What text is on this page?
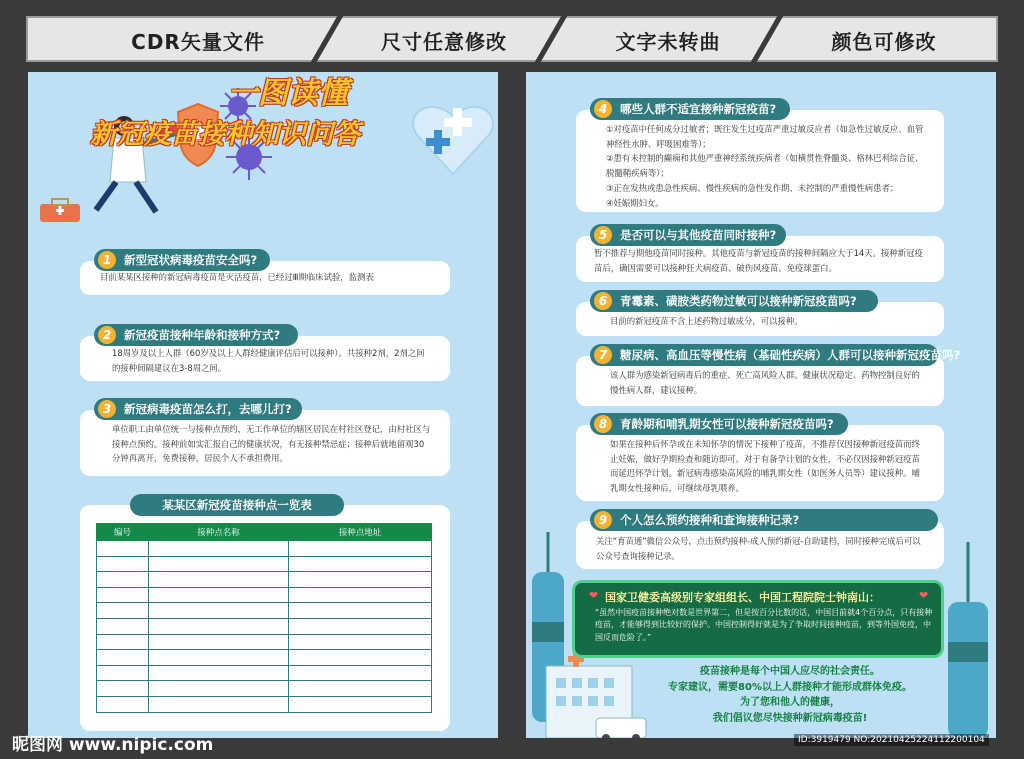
CDR矢量文件	尺寸任意修改	文字未转曲	颜色可修改
一图读懂
新冠疫苗接种知识问答
1	新型冠状病毒疫苗安全吗?
目前某某区接种的新冠病毒疫苗是灭活疫苗，已经过Ⅲ期临床试验，监测表
2	新冠疫苗接种年龄和接种方式?
18周岁及以上人群（60岁及以上人群经健康评估后可以接种）。共接种2剂，2剂之间的接种间隔建议在3-8周之间。
3	新冠病毒疫苗怎么打，去哪儿打?
单位职工由单位统一与接种点预约，无工作单位的辖区居民在村社区登记，由村社区与接种点预约。接种前如实汇报自己的健康状况，有无接种禁忌症；接种后就地留观30分钟再离开，免费接种，居民个人不承担费用。
某某区新冠疫苗接种点一览表
编号	接种点名称	接种点地址

4	哪些人群不适宜接种新冠疫苗?
①对疫苗中任何成分过敏者；既往发生过疫苗严重过敏反应者（如急性过敏反应、血管神经性水肿、呼吸困难等）；
②患有未控制的癫痫和其他严重神经系统疾病者（如横贯性脊髓炎、格林巴利综合征、脱髓鞘疾病等）；
③正在发热或患急性疾病、慢性疾病的急性发作期、未控制的严重慢性病患者；
④妊娠期妇女。
5	是否可以与其他疫苗同时接种?
暂不推荐与期他疫苗同时接种。其他疫苗与新冠疫苗的接种间隔应大于14天。接种新冠疫苗后，确因需要可以接种狂犬病疫苗、破伤风疫苗、免疫球蛋白。
6	青霉素、磺胺类药物过敏可以接种新冠疫苗吗?
目前的新冠疫苗不含上述药物过敏成分，可以接种。
7	糖尿病、高血压等慢性病（基础性疾病）人群可以接种新冠疫苗吗?
该人群为感染新冠病毒后的重症、死亡高风险人群。健康状况稳定、药物控制良好的慢性病人群，建议接种。
8	育龄期和哺乳期女性可以接种新冠疫苗吗?
如果在接种后怀孕或在未知怀孕的情况下接种了疫苗，不推荐仅因接种新冠疫苗而终止妊娠，做好孕期检查和随访即可。对于有备孕计划的女性，不必仅因接种新冠疫苗而延迟怀孕计划。新冠病毒感染高风险的哺乳期女性（如医务人员等）建议接种。哺乳期女性接种后，可继续母乳喂养。
9	个人怎么预约接种和查询接种记录?
关注“育苗通”微信公众号，点击预约接种-成人预约新冠-自助建档，同时接种完成后可以公众号查询接种记录。
❤ 国家卫健委高级别专家组组长、中国工程院院士钟南山：	❤
“虽然中国疫苗接种绝对数是世界第二，但是按百分比数的话，中国目前就4个百分点，只有接种疫苗，才能够得到比较好的保护。中国控制得好就是为了争取时间接种疫苗，到等外国免疫，中国反而危险了。”
疫苗接种是每个中国人应尽的社会责任。
专家建议，需要80%以上人群接种才能形成群体免疫。
为了您和他人的健康，
我们倡议您尽快接种新冠病毒疫苗!
昵图网 www.nipic.com	ID:3919479 NO:20210425224112200104
